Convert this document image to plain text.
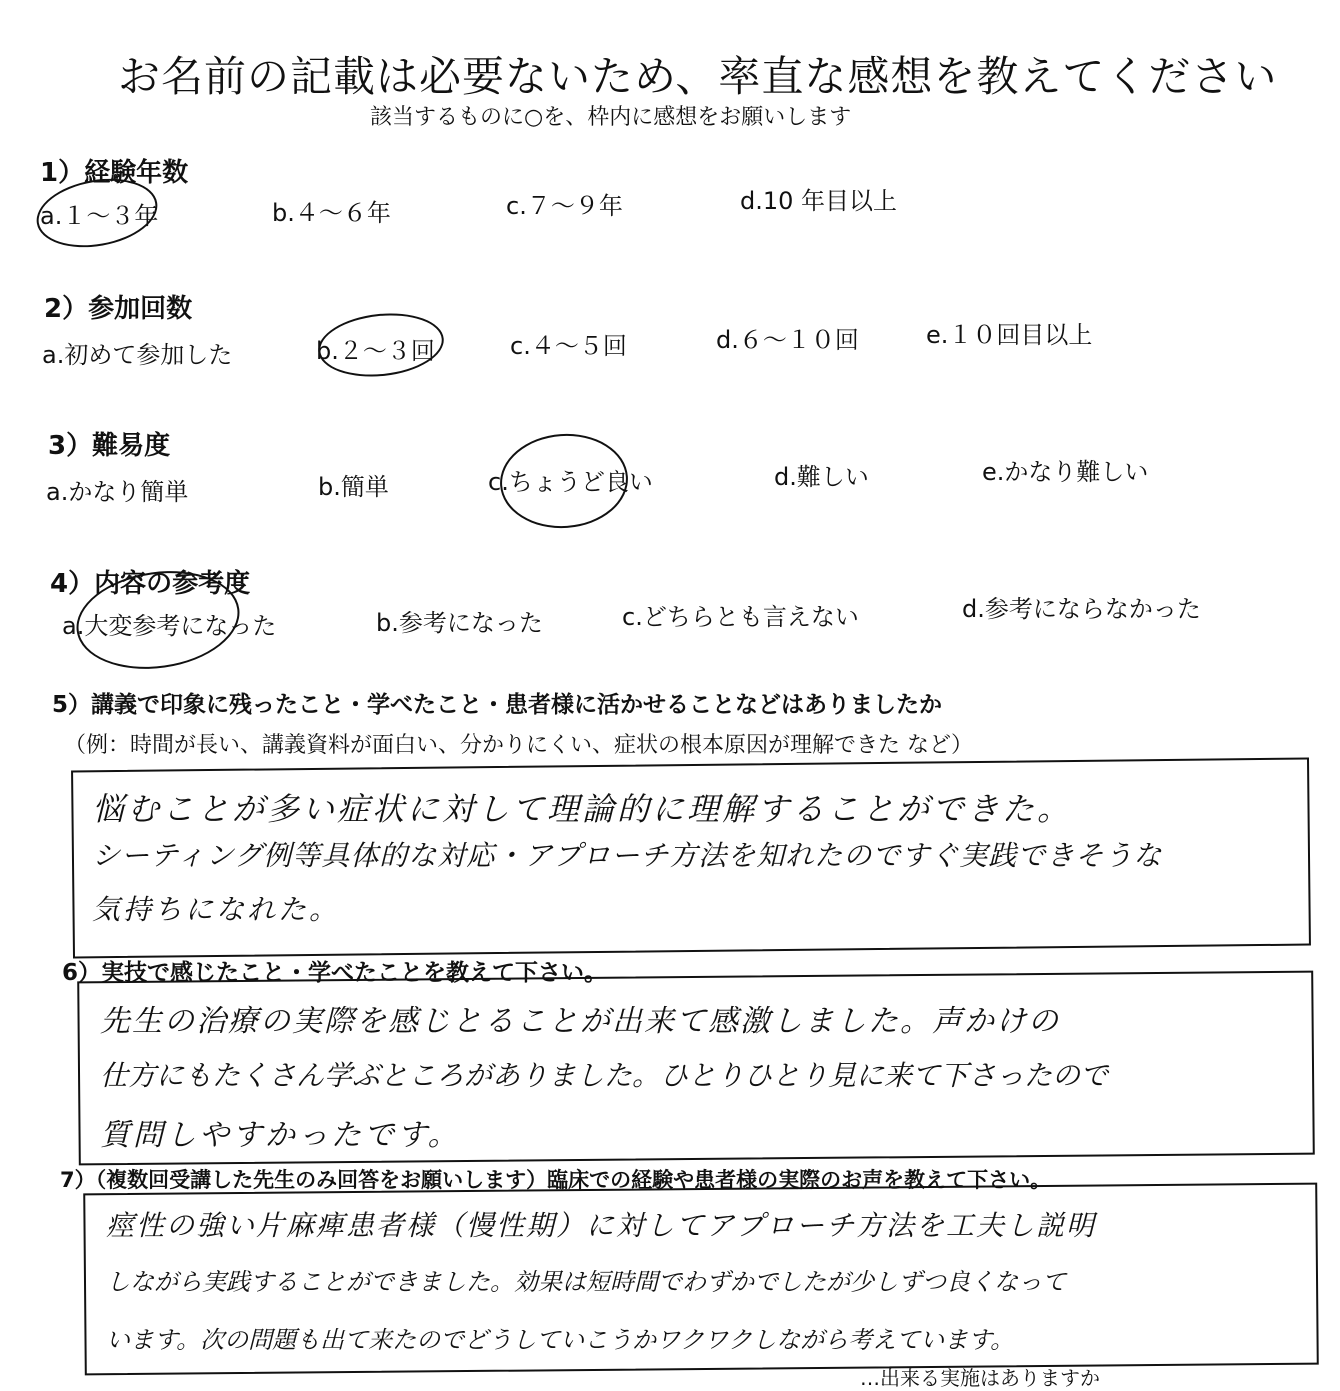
お名前の記載は必要ないため、率直な感想を教えてください
該当するものに○を、枠内に感想をお願いします
1）経験年数
a.１～３年	b.４～６年	c.７～９年	d.10 年目以上
2）参加回数
a.初めて参加した	b.２～３回	c.４～５回	d.６～１０回	e.１０回目以上
3）難易度
a.かなり簡単	b.簡単	c.ちょうど良い	d.難しい	e.かなり難しい
4）内容の参考度
a.大変参考になった	b.参考になった	c.どちらとも言えない	d.参考にならなかった
5）講義で印象に残ったこと・学べたこと・患者様に活かせることなどはありましたか
（例：時間が長い、講義資料が面白い、分かりにくい、症状の根本原因が理解できた など）
悩むことが多い症状に対して理論的に理解することができた。
シーティング例等具体的な対応・アプローチ方法を知れたのですぐ実践できそうな
気持ちになれた。
6）実技で感じたこと・学べたことを教えて下さい。
先生の治療の実際を感じとることが出来て感激しました。声かけの
仕方にもたくさん学ぶところがありました。ひとりひとり見に来て下さったので
質問しやすかったです。
7）（複数回受講した先生のみ回答をお願いします）臨床での経験や患者様の実際のお声を教えて下さい。
痙性の強い片麻痺患者様（慢性期）に対してアプローチ方法を工夫し説明
しながら実践することができました。効果は短時間でわずかでしたが少しずつ良くなって
います。次の問題も出て来たのでどうしていこうかワクワクしながら考えています。
…出来る実施はありますか
